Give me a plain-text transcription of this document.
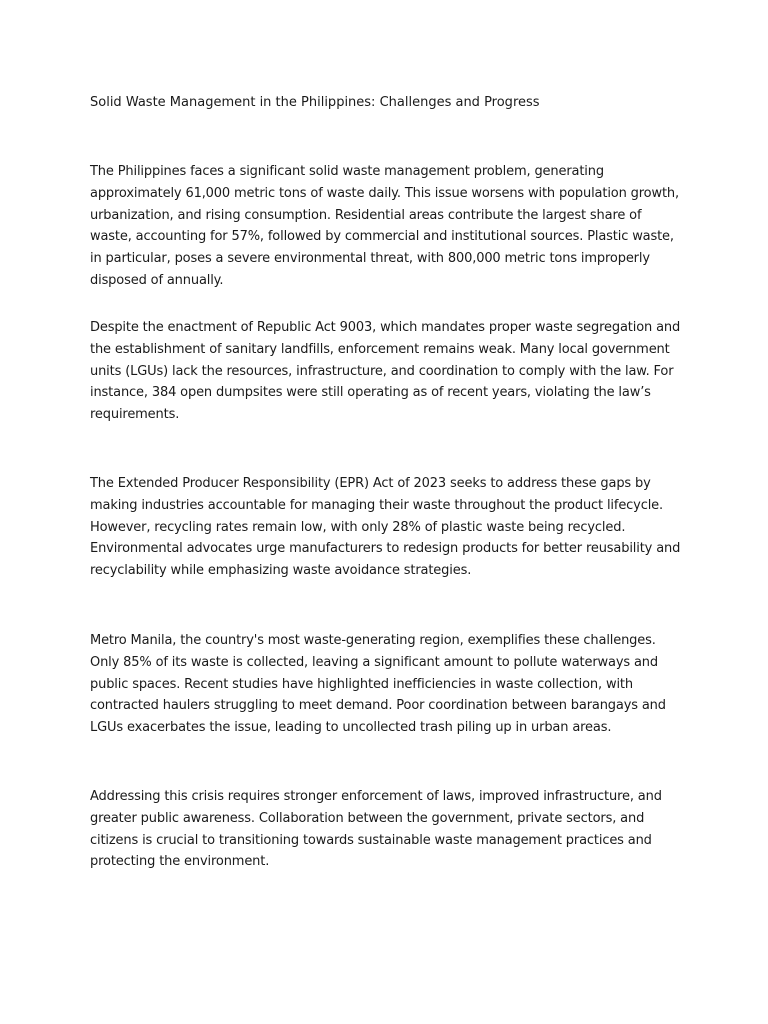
Solid Waste Management in the Philippines: Challenges and Progress

The Philippines faces a significant solid waste management problem, generating approximately 61,000 metric tons of waste daily. This issue worsens with population growth, urbanization, and rising consumption. Residential areas contribute the largest share of waste, accounting for 57%, followed by commercial and institutional sources. Plastic waste, in particular, poses a severe environmental threat, with 800,000 metric tons improperly disposed of annually.

Despite the enactment of Republic Act 9003, which mandates proper waste segregation and the establishment of sanitary landfills, enforcement remains weak. Many local government units (LGUs) lack the resources, infrastructure, and coordination to comply with the law. For instance, 384 open dumpsites were still operating as of recent years, violating the law’s requirements.

The Extended Producer Responsibility (EPR) Act of 2023 seeks to address these gaps by making industries accountable for managing their waste throughout the product lifecycle. However, recycling rates remain low, with only 28% of plastic waste being recycled. Environmental advocates urge manufacturers to redesign products for better reusability and recyclability while emphasizing waste avoidance strategies.

Metro Manila, the country's most waste-generating region, exemplifies these challenges. Only 85% of its waste is collected, leaving a significant amount to pollute waterways and public spaces. Recent studies have highlighted inefficiencies in waste collection, with contracted haulers struggling to meet demand. Poor coordination between barangays and LGUs exacerbates the issue, leading to uncollected trash piling up in urban areas.

Addressing this crisis requires stronger enforcement of laws, improved infrastructure, and greater public awareness. Collaboration between the government, private sectors, and citizens is crucial to transitioning towards sustainable waste management practices and protecting the environment.
